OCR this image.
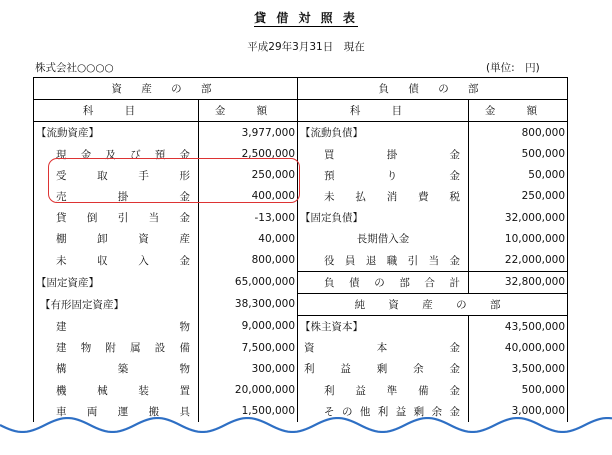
貸 借 対 照 表
平成29年3月31日　現在
株式会社○○○○	(単位:　円)
資 産 の 部		負 債 の 部	
科 目	金 額	科 目	金 額
【流動資産】	3,977,000	【流動負債】	800,000
現金及び預金	2,500,000	買掛金	500,000
受取手形	250,000	預り金	50,000
売掛金	400,000	未払消費税	250,000
貸倒引当金	-13,000	【固定負債】	32,000,000
棚卸資産	40,000	長期借入金	10,000,000
未収入金	800,000	役員退職引当金	22,000,000
【固定資産】	65,000,000	負債の部合計	32,800,000
【有形固定資産】	38,300,000	純 資 産 の 部	
建物	9,000,000	【株主資本】	43,500,000
建物附属設備	7,500,000	資本金	40,000,000
構築物	300,000	利益剰余金	3,500,000
機械装置	20,000,000	利益準備金	500,000
車両運搬具	1,500,000	その他利益剰余金	3,000,000
